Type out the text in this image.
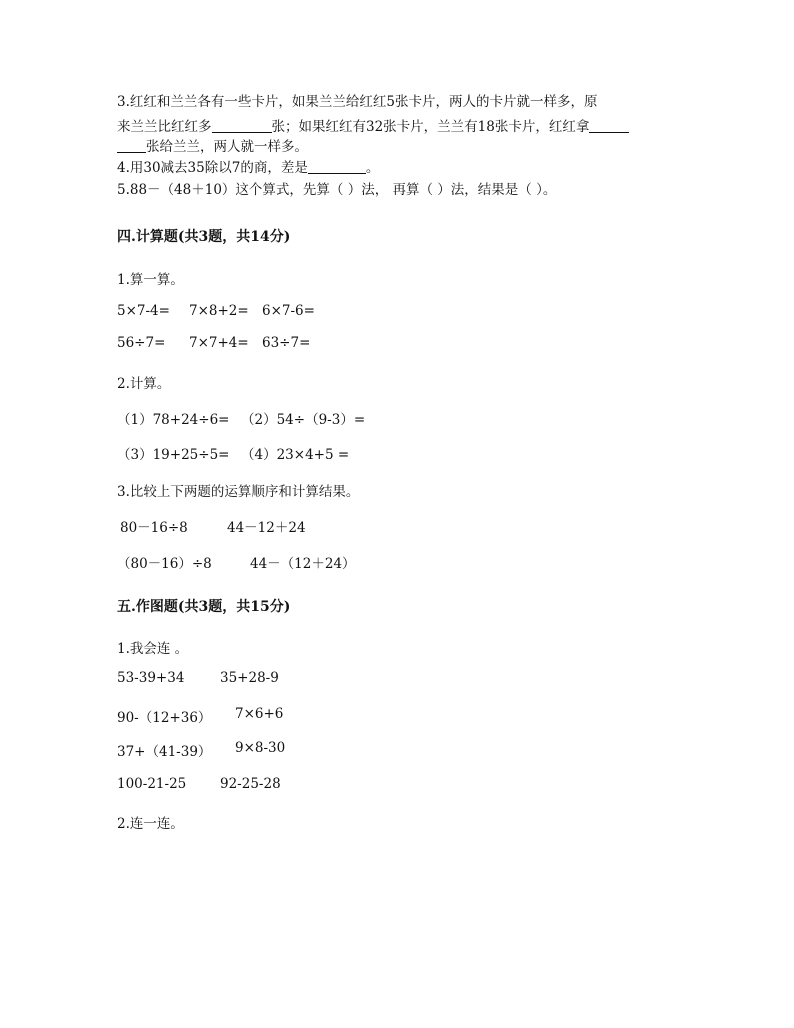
3.红红和兰兰各有一些卡片，如果兰兰给红红5张卡片，两人的卡片就一样多，原
来兰兰比红红多	张；如果红红有32张卡片，兰兰有18张卡片，红红拿
张给兰兰，两人就一样多。
4.用30减去35除以7的商，差是	。
5.88－（48＋10）这个算式，先算（ ）法， 再算（ ）法，结果是（ ）。
四.计算题(共3题，共14分)
1.算一算。
5×7-4= 7×8+2= 6×7-6=
56÷7= 7×7+4= 63÷7=
2.计算。
（1）78+24÷6= （2）54÷（9-3）=
（3）19+25÷5= （4）23×4+5 =
3.比较上下两题的运算顺序和计算结果。
80－16÷8	44－12＋24
（80－16）÷8	44－（12＋24）
五.作图题(共3题，共15分)
1.我会连 。
53-39+34	35+28-9
90-（12+36） 7×6+6
37+（41-39） 9×8-30
100-21-25	92-25-28
2.连一连。
